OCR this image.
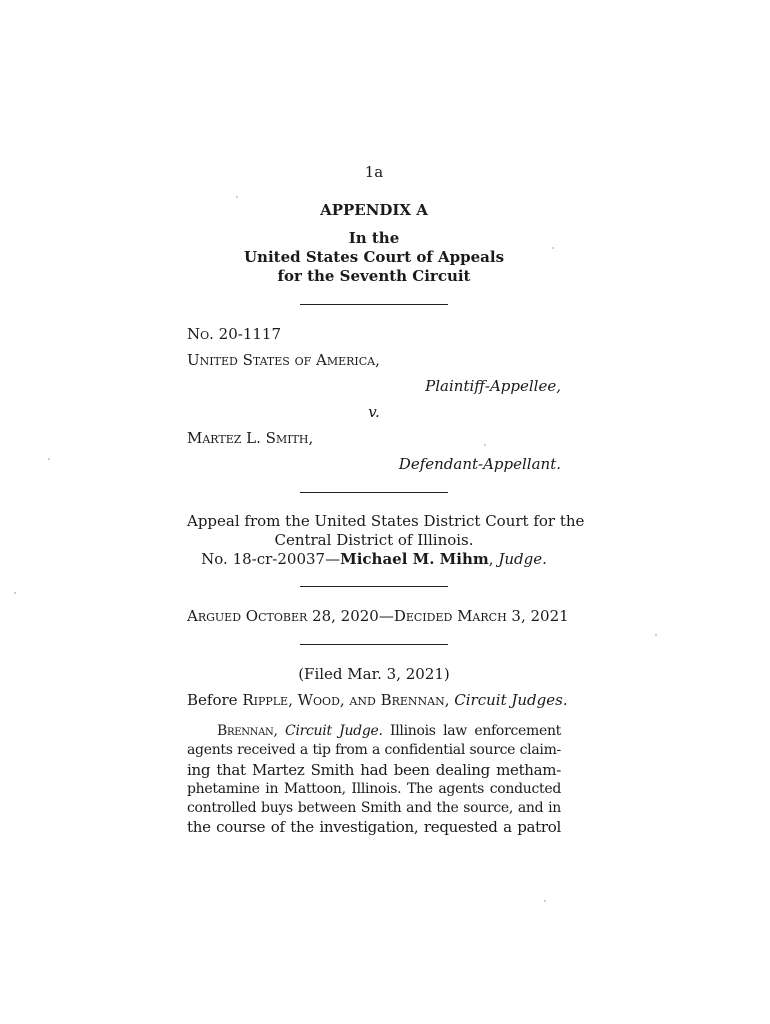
1a
APPENDIX A
In the
United States Court of Appeals
for the Seventh Circuit
No. 20-1117
United States of America,
Plaintiff-Appellee,
v.
Martez L. Smith,
Defendant-Appellant.
Appeal from the United States District Court for the
Central District of Illinois.
No. 18-cr-20037—Michael M. Mihm, Judge.
Argued October 28, 2020—Decided March 3, 2021
(Filed Mar. 3, 2021)
Before Ripple, Wood, and Brennan, Circuit Judges.
Brennan, Circuit Judge. Illinois law enforcement
agents received a tip from a confidential source claim-
ing that Martez Smith had been dealing metham-
phetamine in Mattoon, Illinois. The agents conducted
controlled buys between Smith and the source, and in
the course of the investigation, requested a patrol
